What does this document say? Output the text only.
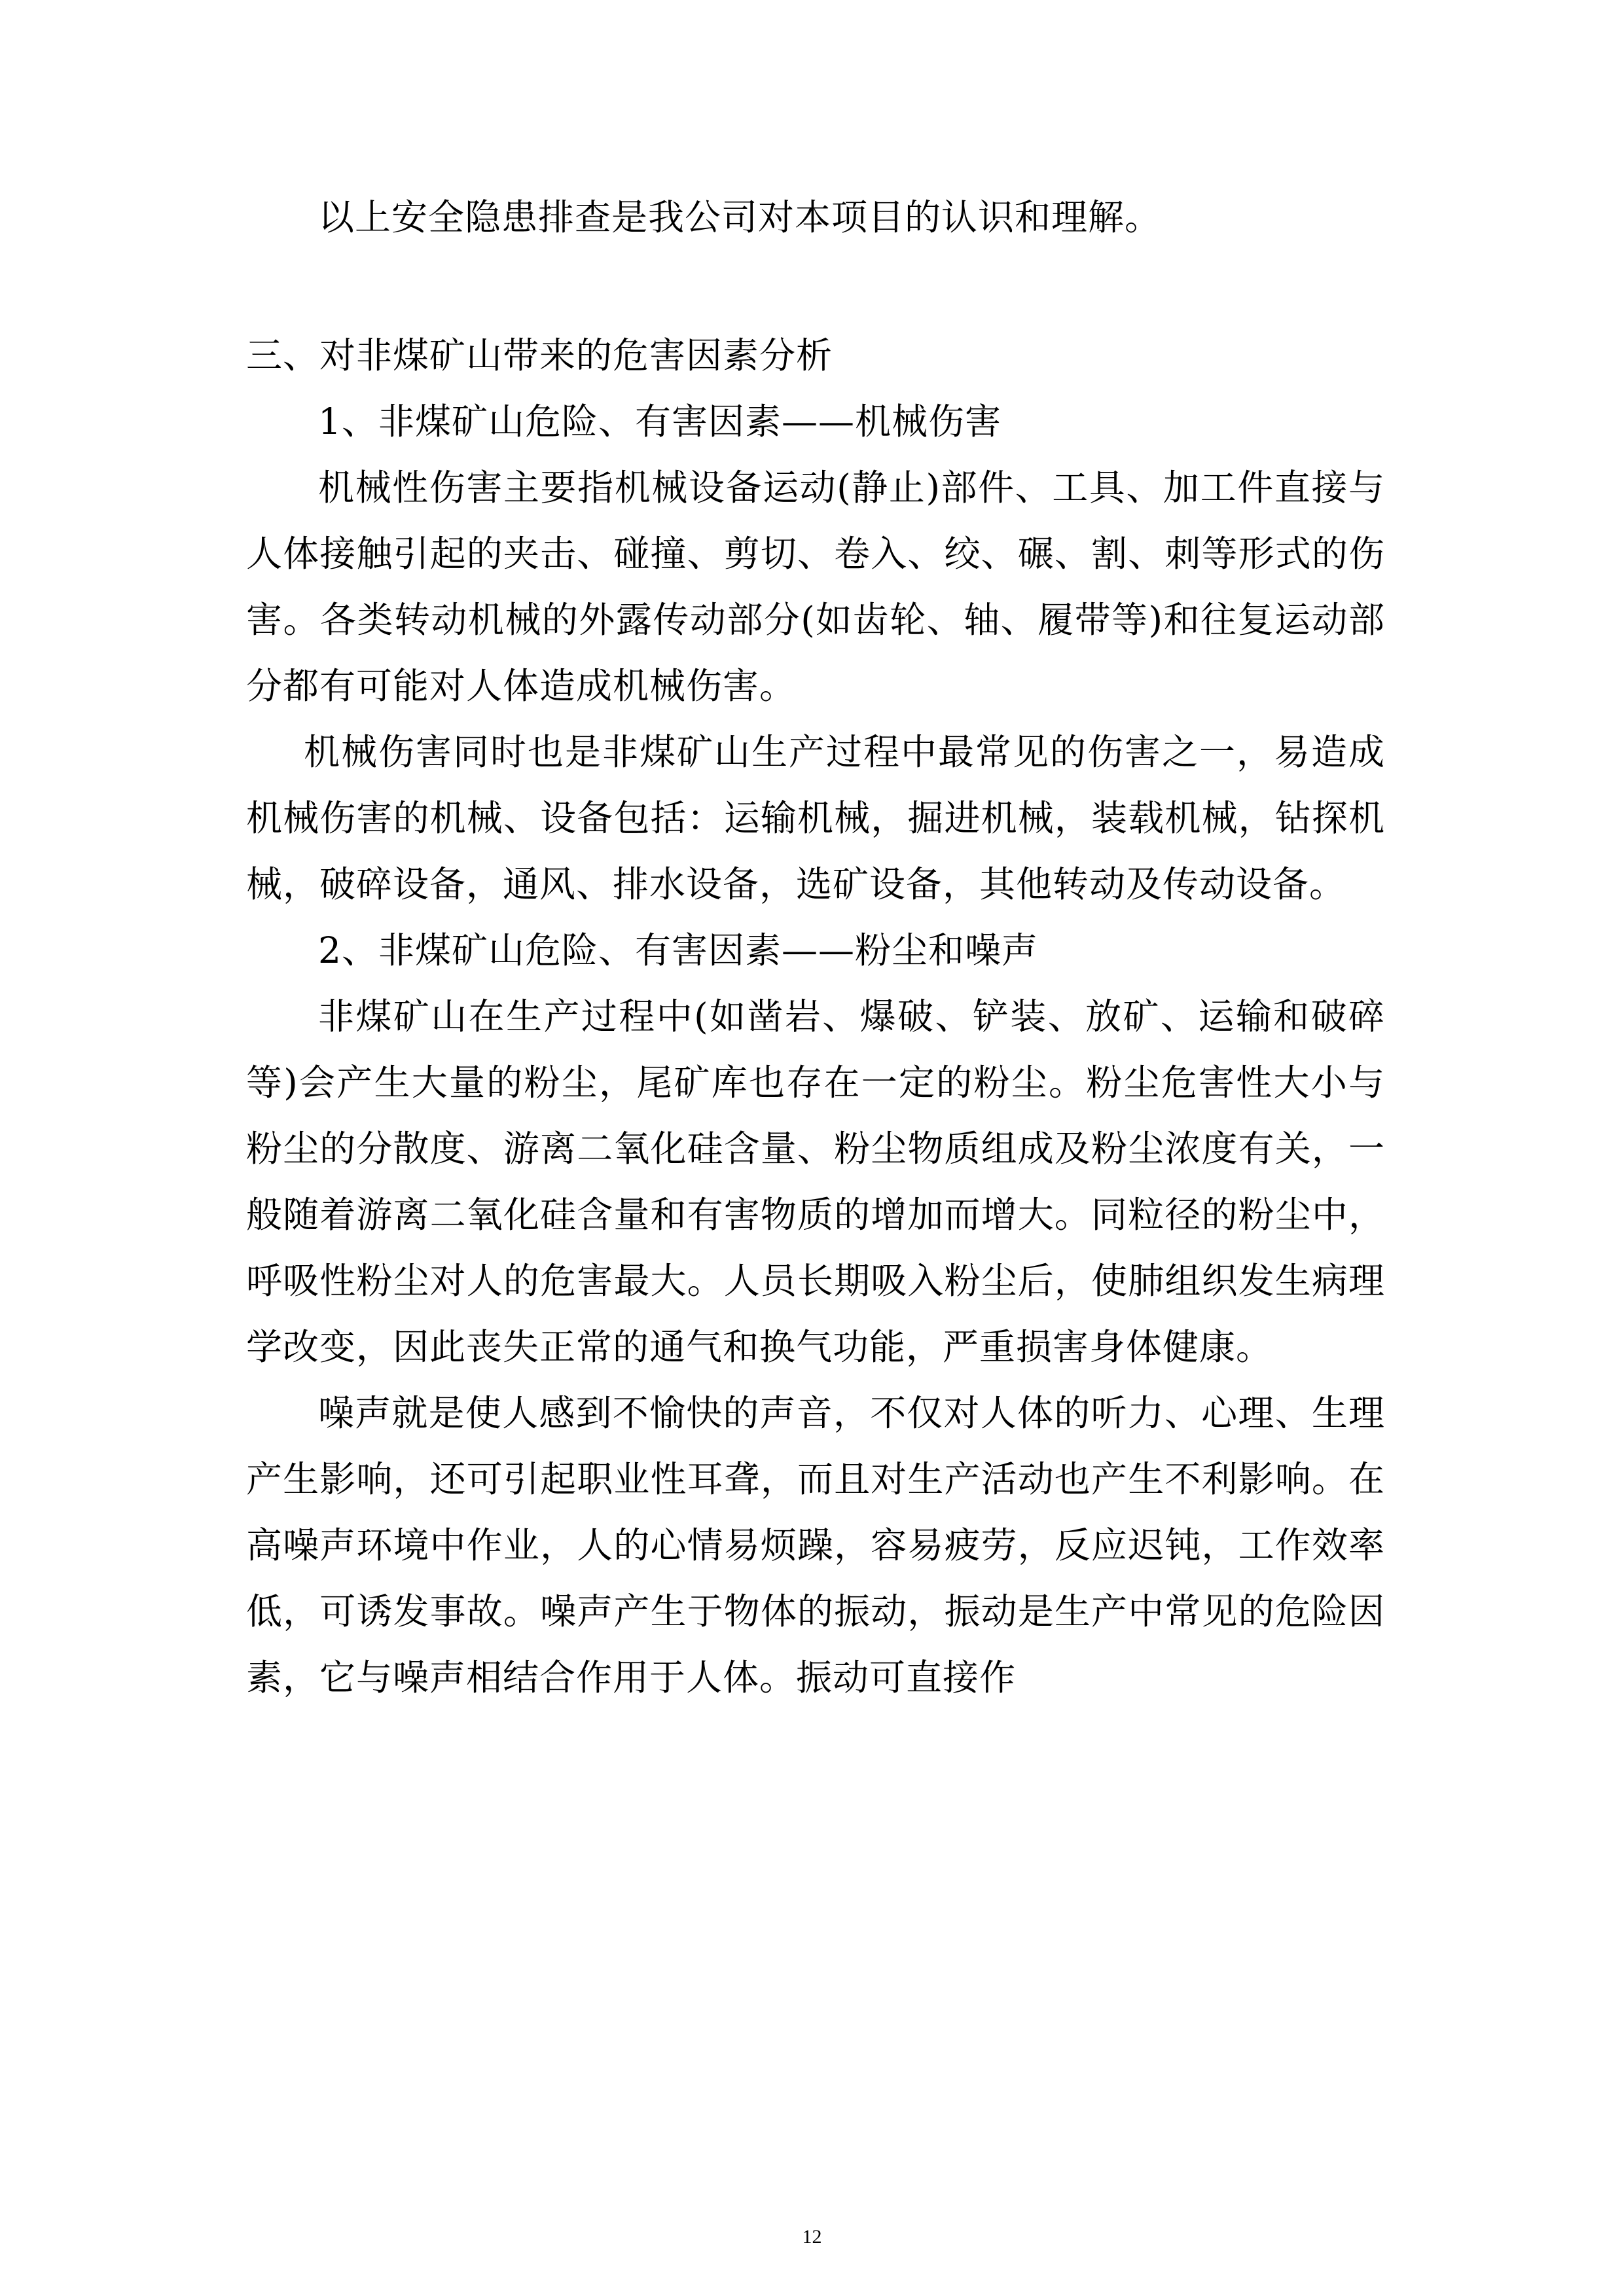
以上安全隐患排查是我公司对本项目的认识和理解。

三、对非煤矿山带来的危害因素分析

1、非煤矿山危险、有害因素——机械伤害

机械性伤害主要指机械设备运动(静止)部件、工具、加工件直接与人体接触引起的夹击、碰撞、剪切、卷入、绞、碾、割、刺等形式的伤害。各类转动机械的外露传动部分(如齿轮、轴、履带等)和往复运动部分都有可能对人体造成机械伤害。

机械伤害同时也是非煤矿山生产过程中最常见的伤害之一，易造成机械伤害的机械、设备包括：运输机械，掘进机械，装载机械，钻探机械，破碎设备，通风、排水设备，选矿设备，其他转动及传动设备。

2、非煤矿山危险、有害因素——粉尘和噪声

非煤矿山在生产过程中(如凿岩、爆破、铲装、放矿、运输和破碎等)会产生大量的粉尘，尾矿库也存在一定的粉尘。粉尘危害性大小与粉尘的分散度、游离二氧化硅含量、粉尘物质组成及粉尘浓度有关，一般随着游离二氧化硅含量和有害物质的增加而增大。同粒径的粉尘中，呼吸性粉尘对人的危害最大。人员长期吸入粉尘后，使肺组织发生病理学改变，因此丧失正常的通气和换气功能，严重损害身体健康。

噪声就是使人感到不愉快的声音，不仅对人体的听力、心理、生理产生影响，还可引起职业性耳聋，而且对生产活动也产生不利影响。在高噪声环境中作业，人的心情易烦躁，容易疲劳，反应迟钝，工作效率低，可诱发事故。噪声产生于物体的振动，振动是生产中常见的危险因素，它与噪声相结合作用于人体。振动可直接作

12
